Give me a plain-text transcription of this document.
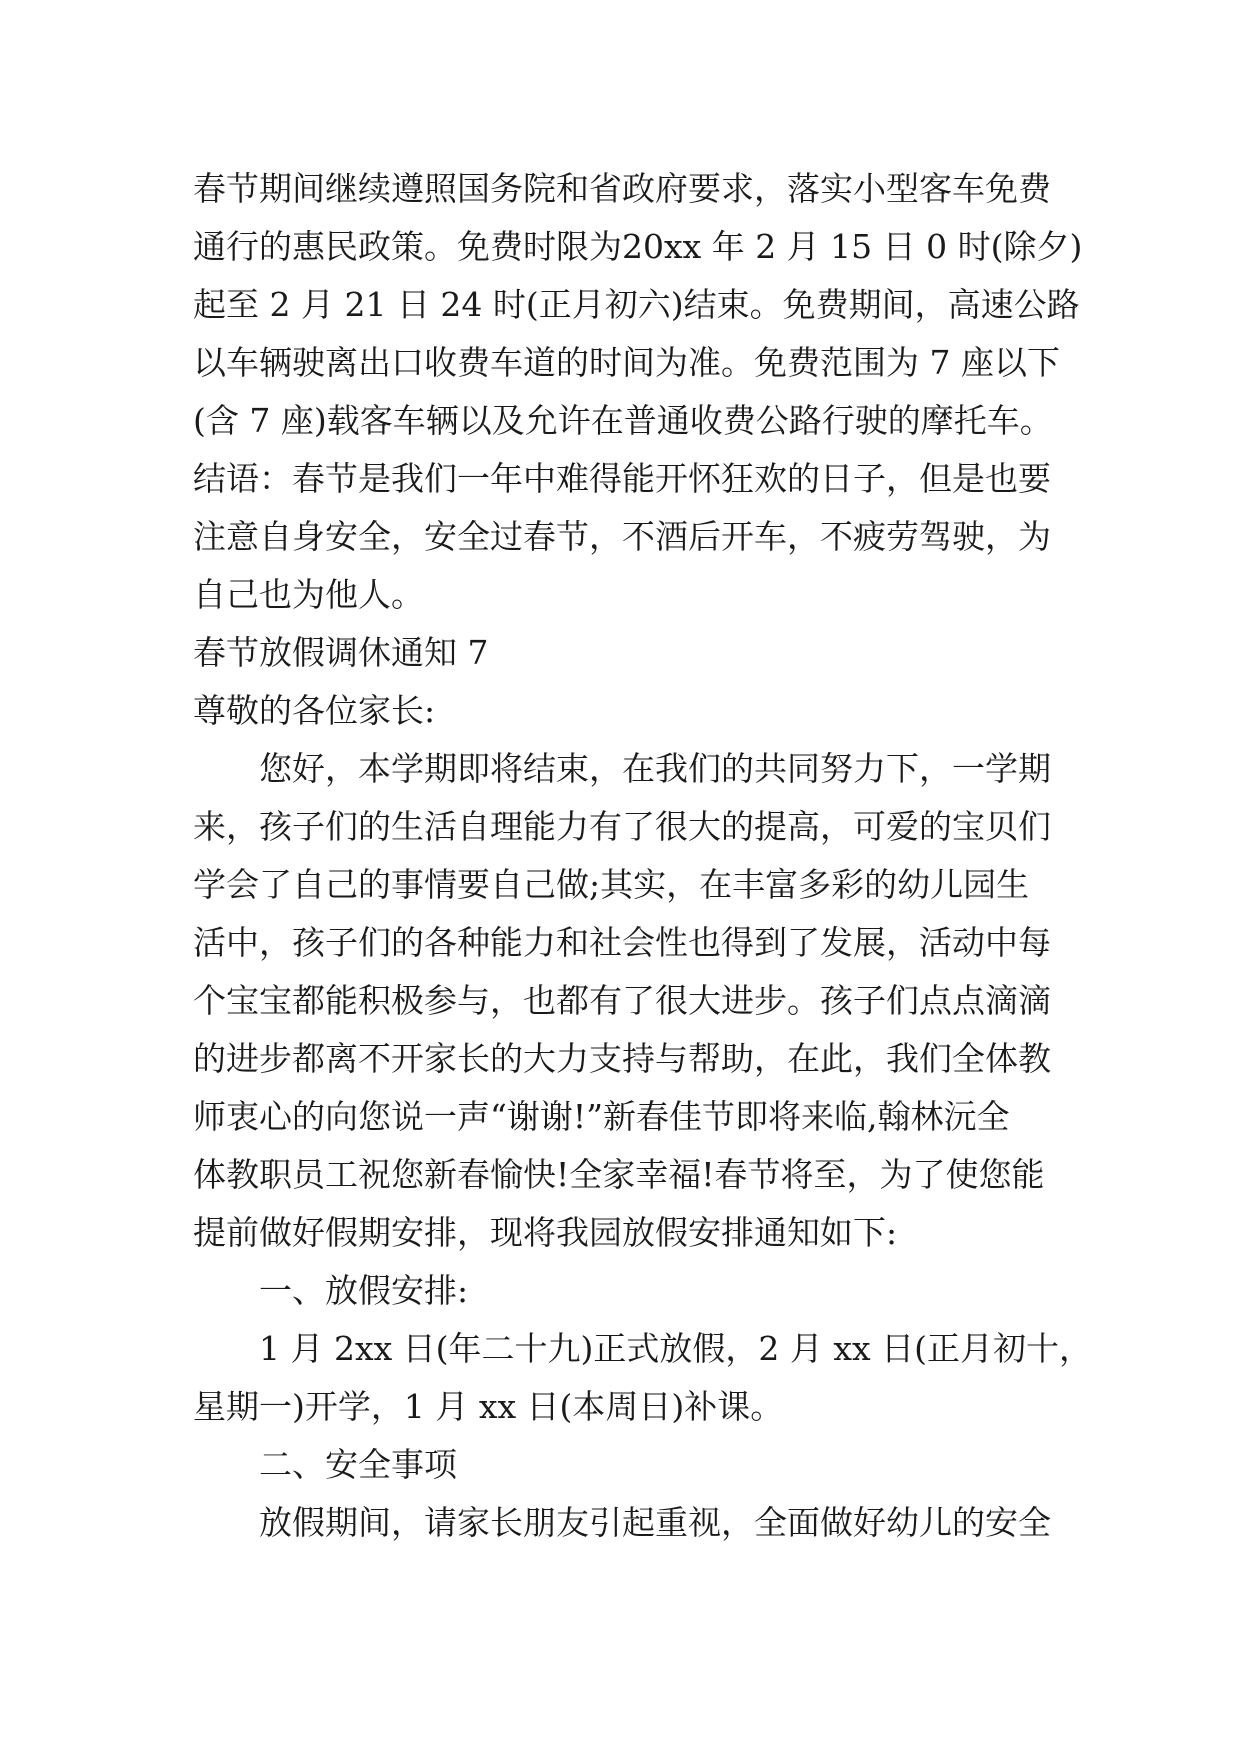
春节期间继续遵照国务院和省政府要求，落实小型客车免费
通行的惠民政策。免费时限为20xx 年 2 月 15 日 0 时(除夕)
起至 2 月 21 日 24 时(正月初六)结束。免费期间，高速公路
以车辆驶离出口收费车道的时间为准。免费范围为 7 座以下
(含 7 座)载客车辆以及允许在普通收费公路行驶的摩托车。
结语：春节是我们一年中难得能开怀狂欢的日子，但是也要
注意自身安全，安全过春节，不酒后开车，不疲劳驾驶，为
自己也为他人。
春节放假调休通知 7
尊敬的各位家长:
您好，本学期即将结束，在我们的共同努力下，一学期
来，孩子们的生活自理能力有了很大的提高，可爱的宝贝们
学会了自己的事情要自己做;其实，在丰富多彩的幼儿园生
活中，孩子们的各种能力和社会性也得到了发展，活动中每
个宝宝都能积极参与，也都有了很大进步。孩子们点点滴滴
的进步都离不开家长的大力支持与帮助，在此，我们全体教
师衷心的向您说一声“谢谢!”新春佳节即将来临,翰林沅全
体教职员工祝您新春愉快!全家幸福!春节将至，为了使您能
提前做好假期安排，现将我园放假安排通知如下:
一、放假安排:
1 月 2xx 日(年二十九)正式放假，2 月 xx 日(正月初十，
星期一)开学，1 月 xx 日(本周日)补课。
二、安全事项
放假期间，请家长朋友引起重视，全面做好幼儿的安全
